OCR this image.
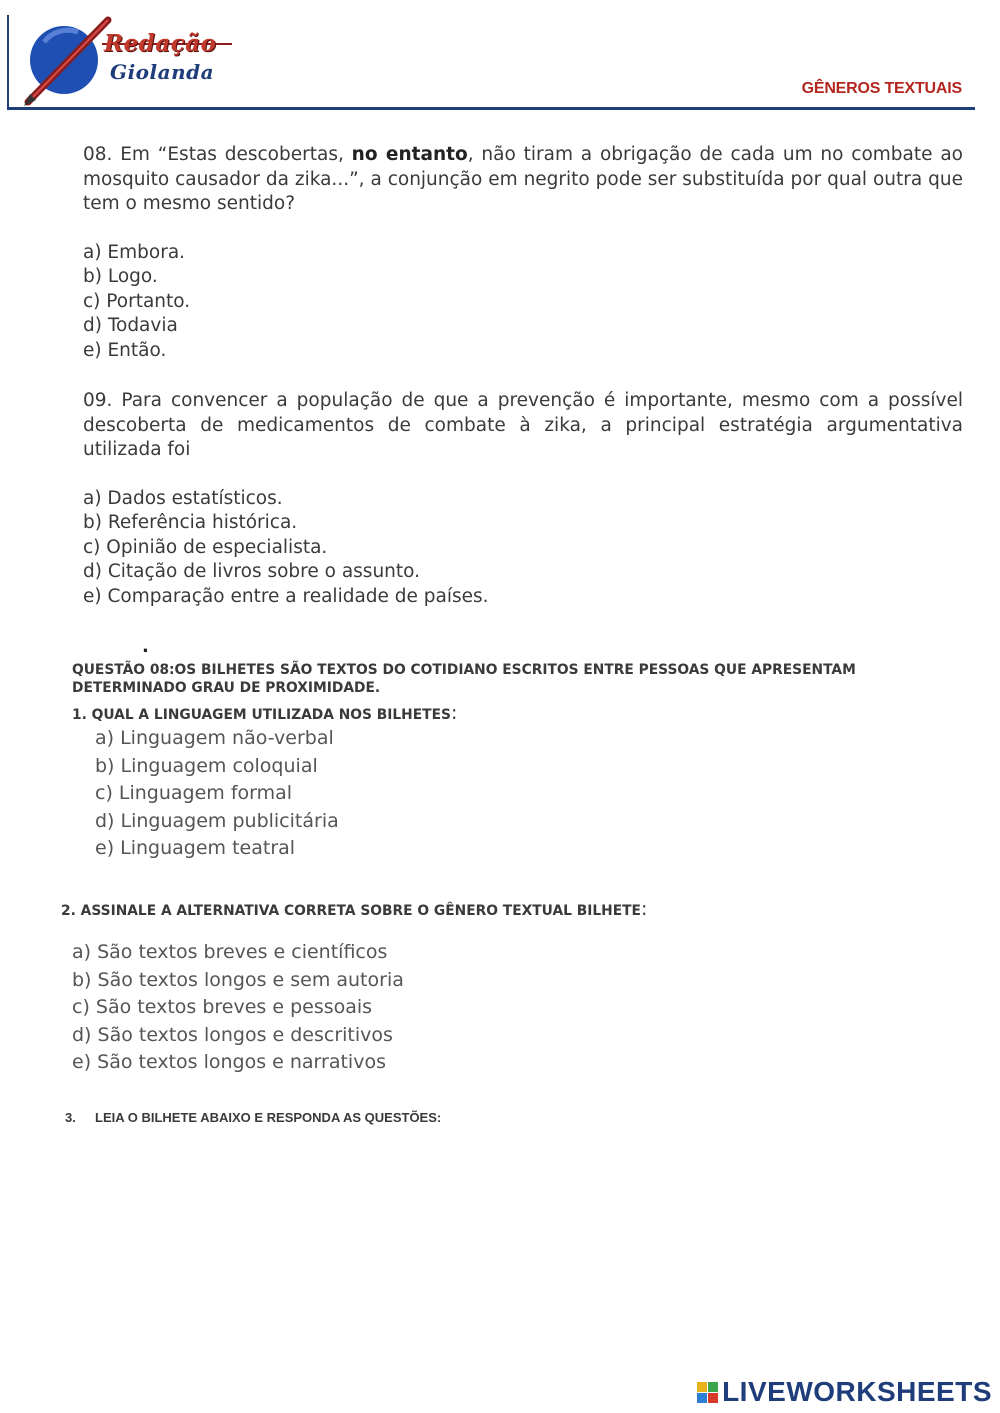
Redação
Giolanda
GÊNEROS TEXTUAIS
08. Em “Estas descobertas, no entanto, não tiram a obrigação de cada um no combate ao mosquito causador da zika...”, a conjunção em negrito pode ser substituída por qual outra que tem o mesmo sentido?
a) Embora.
b) Logo.
c) Portanto.
d) Todavia
e) Então.
09. Para convencer a população de que a prevenção é importante, mesmo com a possível descoberta de medicamentos de combate à zika, a principal estratégia argumentativa utilizada foi
a) Dados estatísticos.
b) Referência histórica.
c) Opinião de especialista.
d) Citação de livros sobre o assunto.
e) Comparação entre a realidade de países.
.
QUESTÃO 08:OS BILHETES SÃO TEXTOS DO COTIDIANO ESCRITOS ENTRE PESSOAS QUE APRESENTAM DETERMINADO GRAU DE PROXIMIDADE.
1. QUAL A LINGUAGEM UTILIZADA NOS BILHETES:
a) Linguagem não-verbal
b) Linguagem coloquial
c) Linguagem formal
d) Linguagem publicitária
e) Linguagem teatral
2. ASSINALE A ALTERNATIVA CORRETA SOBRE O GÊNERO TEXTUAL BILHETE:
a) São textos breves e científicos
b) São textos longos e sem autoria
c) São textos breves e pessoais
d) São textos longos e descritivos
e) São textos longos e narrativos
3. LEIA O BILHETE ABAIXO E RESPONDA AS QUESTÕES:
LIVEWORKSHEETS
